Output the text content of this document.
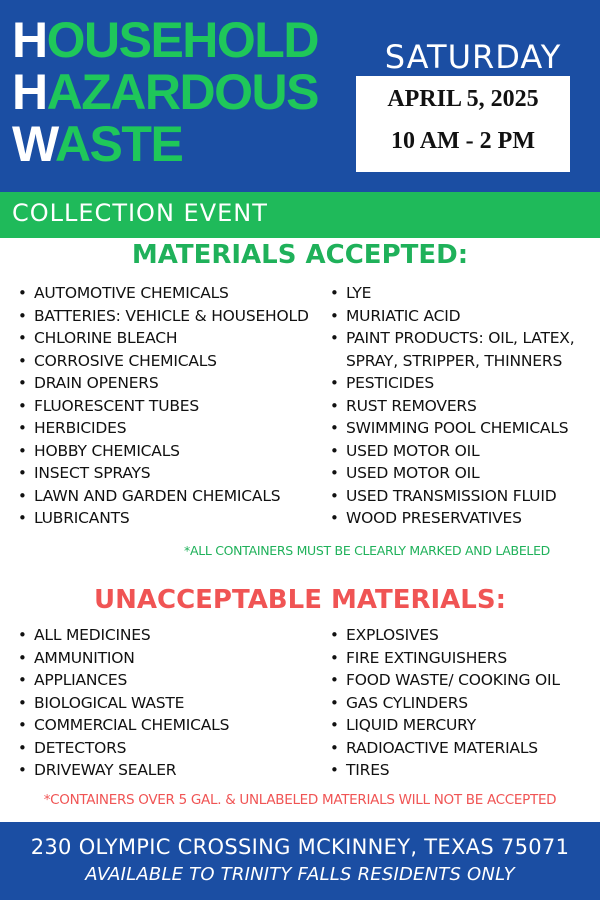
HOUSEHOLD
HAZARDOUS
WASTE
SATURDAY
APRIL 5, 2025
10 AM - 2 PM
COLLECTION EVENT
MATERIALS ACCEPTED:
• AUTOMOTIVE CHEMICALS
• BATTERIES: VEHICLE & HOUSEHOLD
• CHLORINE BLEACH
• CORROSIVE CHEMICALS
• DRAIN OPENERS
• FLUORESCENT TUBES
• HERBICIDES
• HOBBY CHEMICALS
• INSECT SPRAYS
• LAWN AND GARDEN CHEMICALS
• LUBRICANTS
• LYE
• MURIATIC ACID
• PAINT PRODUCTS: OIL, LATEX, SPRAY, STRIPPER, THINNERS
• PESTICIDES
• RUST REMOVERS
• SWIMMING POOL CHEMICALS
• USED MOTOR OIL
• USED MOTOR OIL
• USED TRANSMISSION FLUID
• WOOD PRESERVATIVES
*ALL CONTAINERS MUST BE CLEARLY MARKED AND LABELED
UNACCEPTABLE MATERIALS:
• ALL MEDICINES
• AMMUNITION
• APPLIANCES
• BIOLOGICAL WASTE
• COMMERCIAL CHEMICALS
• DETECTORS
• DRIVEWAY SEALER
• EXPLOSIVES
• FIRE EXTINGUISHERS
• FOOD WASTE/ COOKING OIL
• GAS CYLINDERS
• LIQUID MERCURY
• RADIOACTIVE MATERIALS
• TIRES
*CONTAINERS OVER 5 GAL. & UNLABELED MATERIALS WILL NOT BE ACCEPTED
230 OLYMPIC CROSSING MCKINNEY, TEXAS 75071
AVAILABLE TO TRINITY FALLS RESIDENTS ONLY
